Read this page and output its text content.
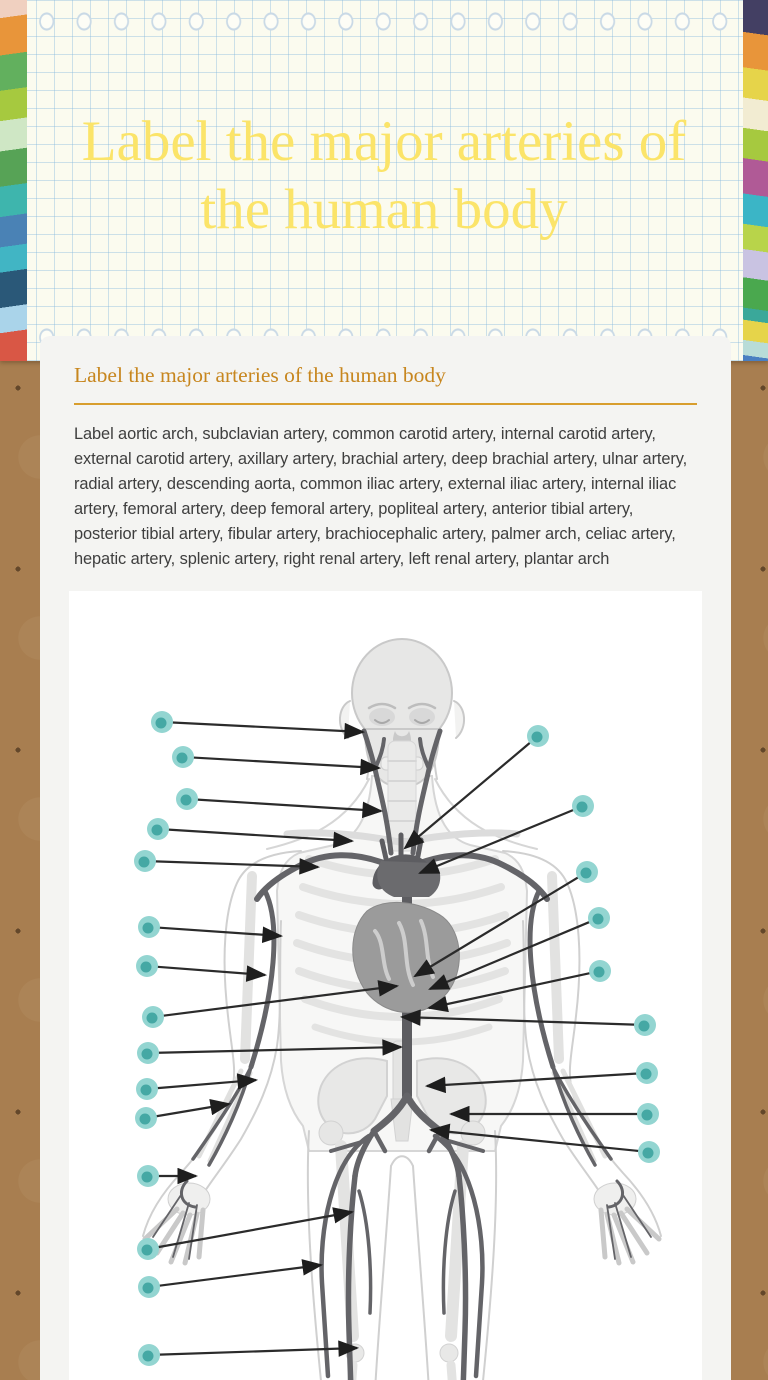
Label the major arteries of the human body
Label the major arteries of the human body

Label aortic arch, subclavian artery, common carotid artery, internal carotid artery, external carotid artery, axillary artery, brachial artery, deep brachial artery, ulnar artery, radial artery, descending aorta, common iliac artery, external iliac artery, internal iliac artery, femoral artery, deep femoral artery, popliteal artery, anterior tibial artery, posterior tibial artery, fibular artery, brachiocephalic artery, palmer arch, celiac artery, hepatic artery, splenic artery, right renal artery, left renal artery, plantar arch
